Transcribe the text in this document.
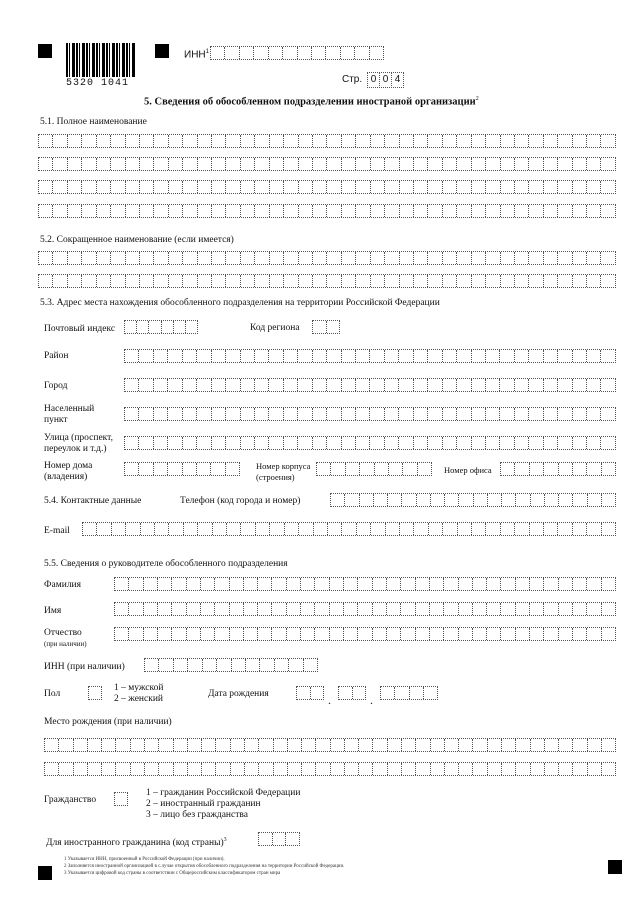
5320 1041
ИНН$^1$
Стр. 0 0 4
5. Сведения об обособленном подразделении иностраной организации$^2$
5.1. Полное наименование
5.2. Сокращенное наименование (если имеется)
5.3. Адрес места нахождения обособленного подразделения на территории Российской Федерации
Почтовый индекс	Код региона
Район
Город
Населенный
пункт
Улица (проспект,
переулок и т.д.)
Номер дома
(владения)
Номер корпуса
(строения)
Номер офиса
5.4. Контактные данные	Телефон (код города и номер)
E-mail
5.5. Сведения о руководителе обособленного подразделения
Фамилия
Имя
Отчество
(при наличии)
ИНН (при наличии)
Пол
1 – мужской
2 – женский	Дата рождения	.	.
Место рождения (при наличии)
Гражданство
1 – гражданин Российской Федерации
2 – иностранный гражданин
3 – лицо без гражданства
Для иностранного гражданина (код страны)$^3$
1 Указывается ИНН, присвоенный в Российской Федерации (при наличии).
2 Заполняется иностранной организацией в с.лучае открытия обособленного подразделения на территории Российской Федерации.
3 Указывается цифровой код страны в соответствии с Общероссийским классификатором стран мира
